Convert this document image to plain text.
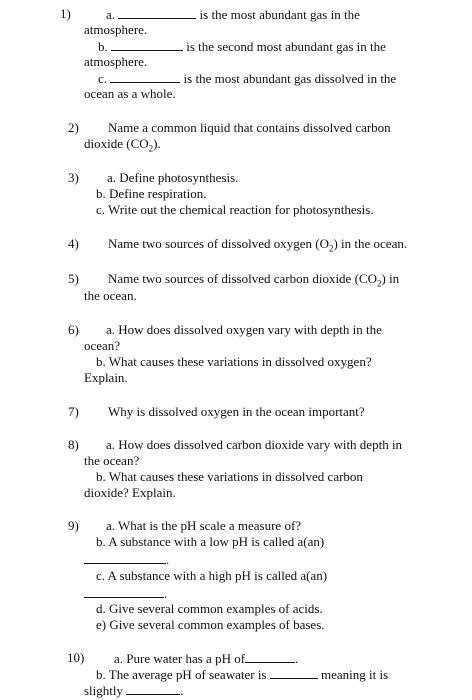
1)	a.	is the most abundant gas in the
atmosphere.
b.	is the second most abundant gas in the
atmosphere.
c.	is the most abundant gas dissolved in the
ocean as a whole.
2) Name a common liquid that contains dissolved carbon
dioxide $(CO_2)$.
3) a. Define photosynthesis.
b. Define respiration.
c. Write out the chemical reaction for photosynthesis.
4) Name two sources of dissolved oxygen $(O_2)$ in the ocean.
5) Name two sources of dissolved carbon dioxide $(CO_2)$ in
the ocean.
6) a. How does dissolved oxygen vary with depth in the
ocean?
b. What causes these variations in dissolved oxygen?
Explain.
7) Why is dissolved oxygen in the ocean important?
8) a. How does dissolved carbon dioxide vary with depth in
the ocean?
b. What causes these variations in dissolved carbon
dioxide? Explain.
9) a. What is the pH scale a measure of?
b. A substance with a low pH is called a(an)
.
c. A substance with a high pH is called a(an)
.
d. Give several common examples of acids.
e) Give several common examples of bases.
10) a. Pure water has a pH of	.
b. The average pH of seawater is	meaning it is
slightly	.
